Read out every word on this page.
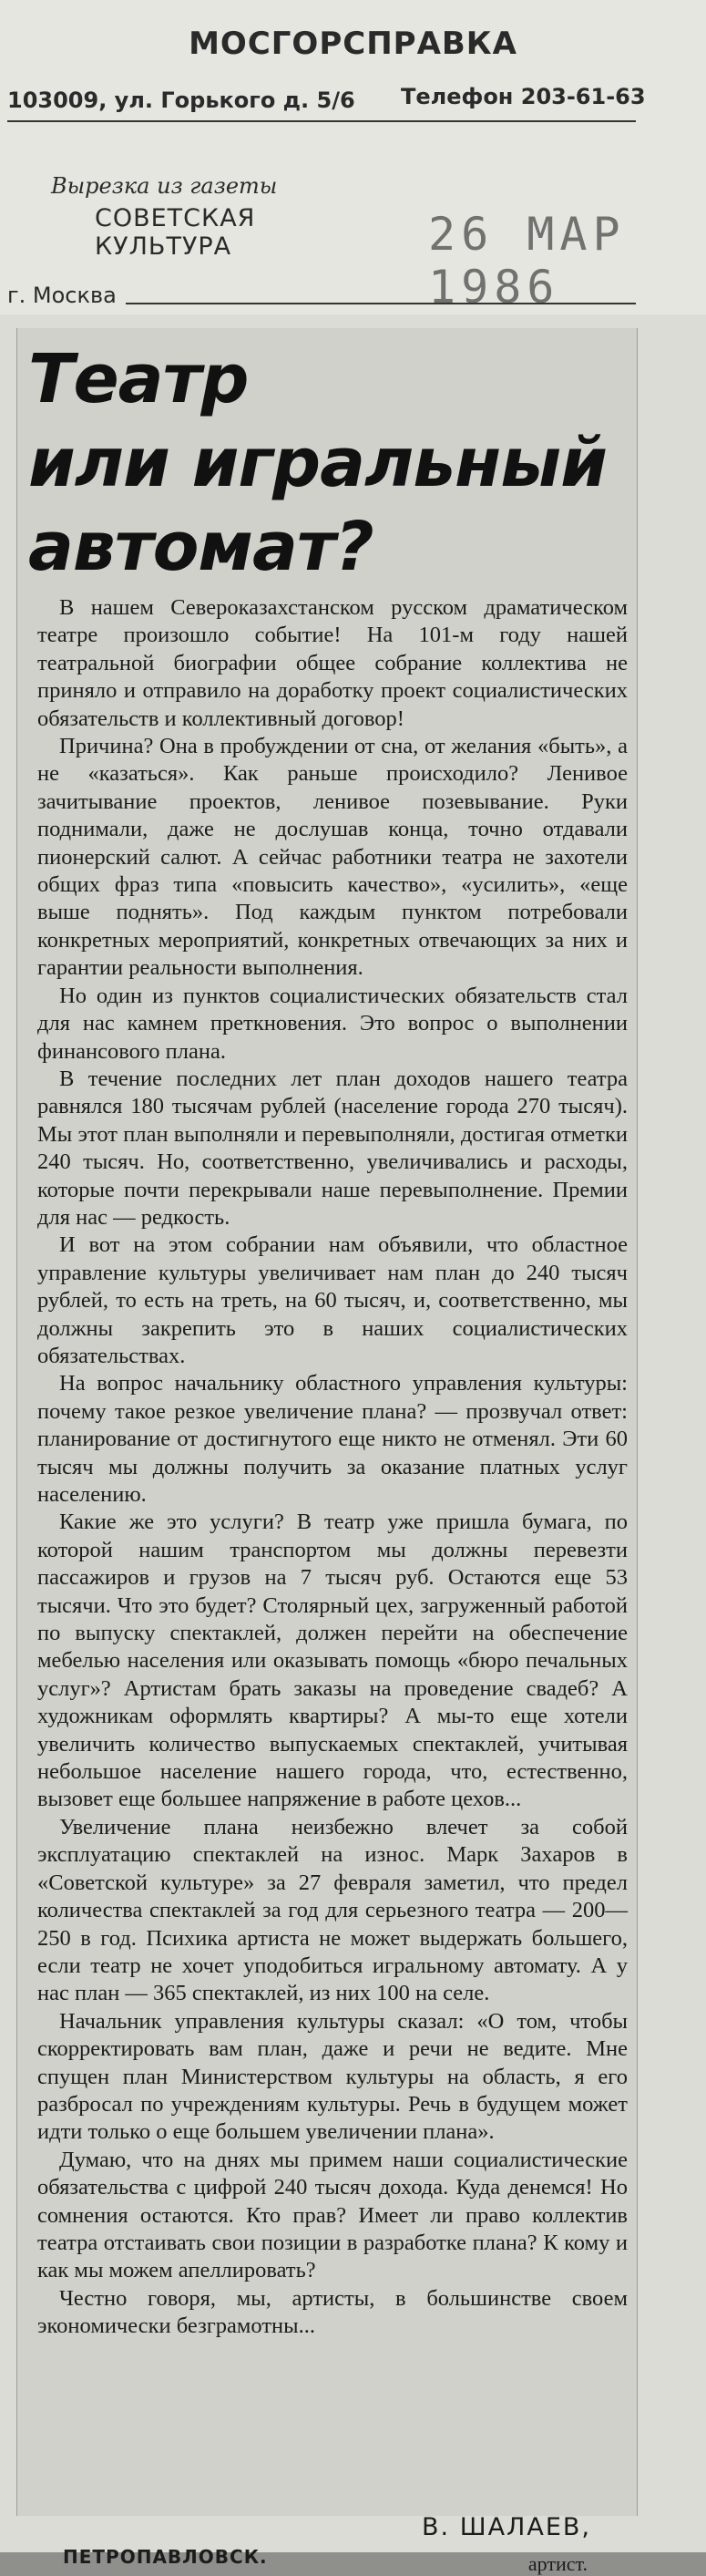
МОСГОРСПРАВКА
103009, ул. Горького д. 5/6 Телефон 203-61-63
Вырезка из газеты
СОВЕТСКАЯ
КУЛЬТУРА	26 МАР 1986
г. Москва
Театр
или игральный
автомат?

В нашем Североказахстанском русском драматическом театре произошло событие! На 101-м году нашей театральной биографии общее собрание коллектива не приняло и отправило на доработку проект социалистических обязательств и коллективный договор!

Причина? Она в пробуждении от сна, от желания «быть», а не «казаться». Как раньше происходило? Ленивое зачитывание проектов, ленивое позевывание. Руки поднимали, даже не дослушав конца, точно отдавали пионерский салют. А сейчас работники театра не захотели общих фраз типа «повысить качество», «усилить», «еще выше поднять». Под каждым пунктом потребовали конкретных мероприятий, конкретных отвечающих за них и гарантии реальности выполнения.

Но один из пунктов социалистических обязательств стал для нас камнем преткновения. Это вопрос о выполнении финансового плана.

В течение последних лет план доходов нашего театра равнялся 180 тысячам рублей (население города 270 тысяч). Мы этот план выполняли и перевыполняли, достигая отметки 240 тысяч. Но, соответственно, увеличивались и расходы, которые почти перекрывали наше перевыполнение. Премии для нас — редкость.

И вот на этом собрании нам объявили, что областное управление культуры увеличивает нам план до 240 тысяч рублей, то есть на треть, на 60 тысяч, и, соответственно, мы должны закрепить это в наших социалистических обязательствах.

На вопрос начальнику областного управления культуры: почему такое резкое увеличение плана? — прозвучал ответ: планирование от достигнутого еще никто не отменял. Эти 60 тысяч мы должны получить за оказание платных услуг населению.

Какие же это услуги? В театр уже пришла бумага, по которой нашим транспортом мы должны перевезти пассажиров и грузов на 7 тысяч руб. Остаются еще 53 тысячи. Что это будет? Столярный цех, загруженный работой по выпуску спектаклей, должен перейти на обеспечение мебелью населения или оказывать помощь «бюро печальных услуг»? Артистам брать заказы на проведение свадеб? А художникам оформлять квартиры? А мы-то еще хотели увеличить количество выпускаемых спектаклей, учитывая небольшое население нашего города, что, естественно, вызовет еще большее напряжение в работе цехов...

Увеличение плана неизбежно влечет за собой эксплуатацию спектаклей на износ. Марк Захаров в «Советской культуре» за 27 февраля заметил, что предел количества спектаклей за год для серьезного театра — 200—250 в год. Психика артиста не может выдержать большего, если театр не хочет уподобиться игральному автомату. А у нас план — 365 спектаклей, из них 100 на селе.

Начальник управления культуры сказал: «О том, чтобы скорректировать вам план, даже и речи не ведите. Мне спущен план Министерством культуры на область, я его разбросал по учреждениям культуры. Речь в будущем может идти только о еще большем увеличении плана».

Думаю, что на днях мы примем наши социалистические обязательства с цифрой 240 тысяч дохода. Куда денемся! Но сомнения остаются. Кто прав? Имеет ли право коллектив театра отстаивать свои позиции в разработке плана? К кому и как мы можем апеллировать?

Честно говоря, мы, артисты, в большинстве своем экономически безграмотны...

В. ШАЛАЕВ,
артист.
ПЕТРОПАВЛОВСК.
